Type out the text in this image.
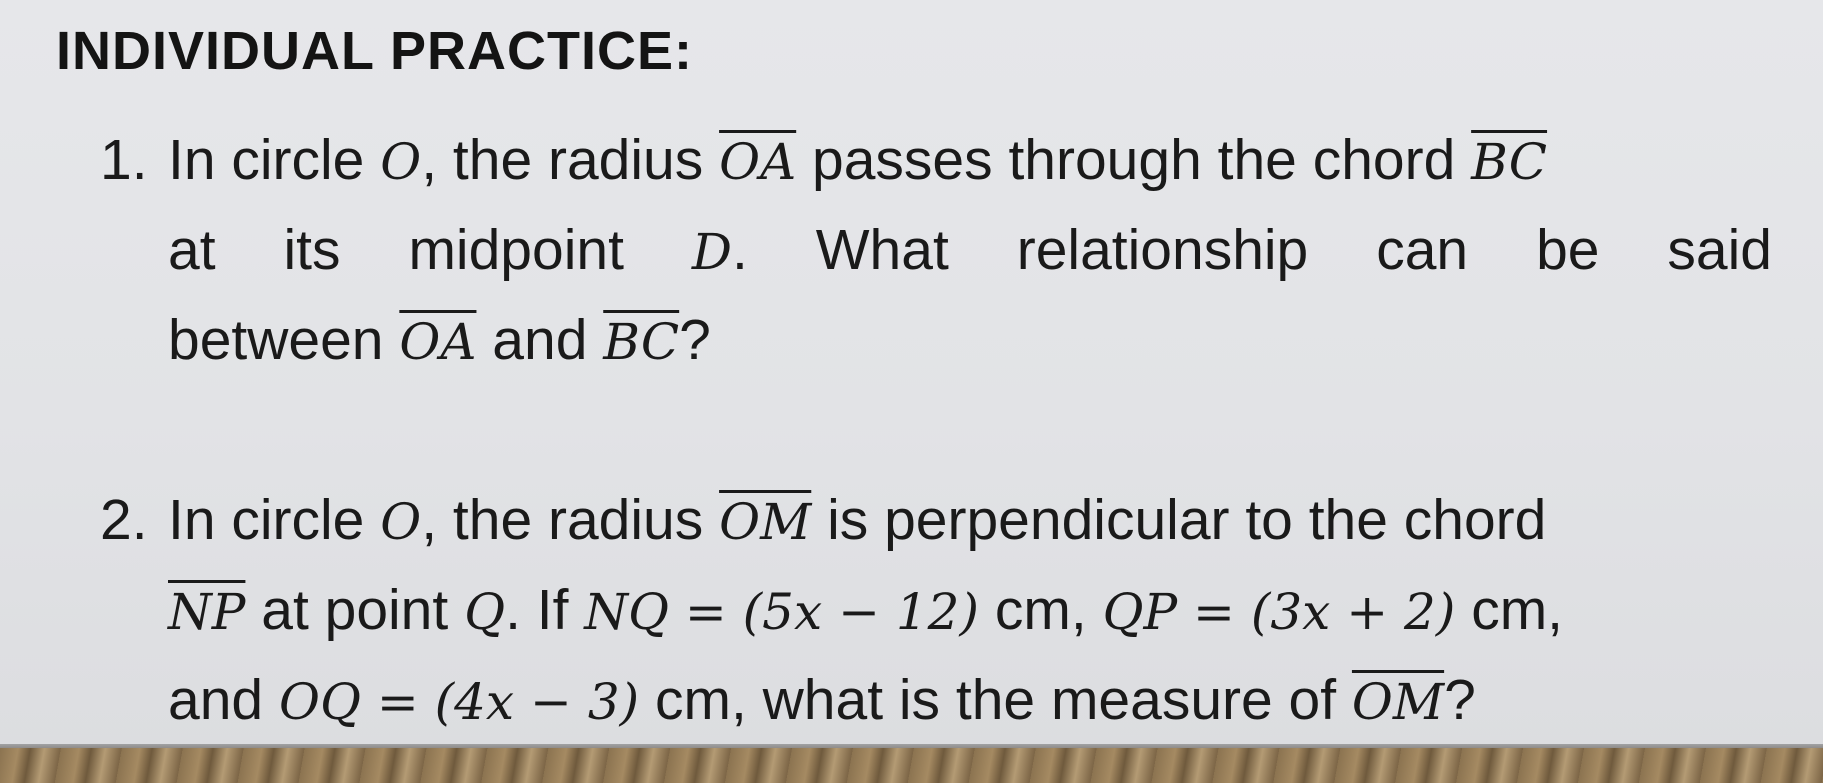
INDIVIDUAL PRACTICE:
1. In circle O, the radius $\overline{OA}$ passes through the chord $\overline{BC}$
at its midpoint D. What relationship can be said
between $\overline{OA}$ and $\overline{BC}$?
2. In circle O, the radius $\overline{OM}$ is perpendicular to the chord
$\overline{NP}$ at point Q. If NQ = (5x − 12) cm, QP = (3x + 2) cm,
and OQ = (4x − 3) cm, what is the measure of $\overline{OM}$?
